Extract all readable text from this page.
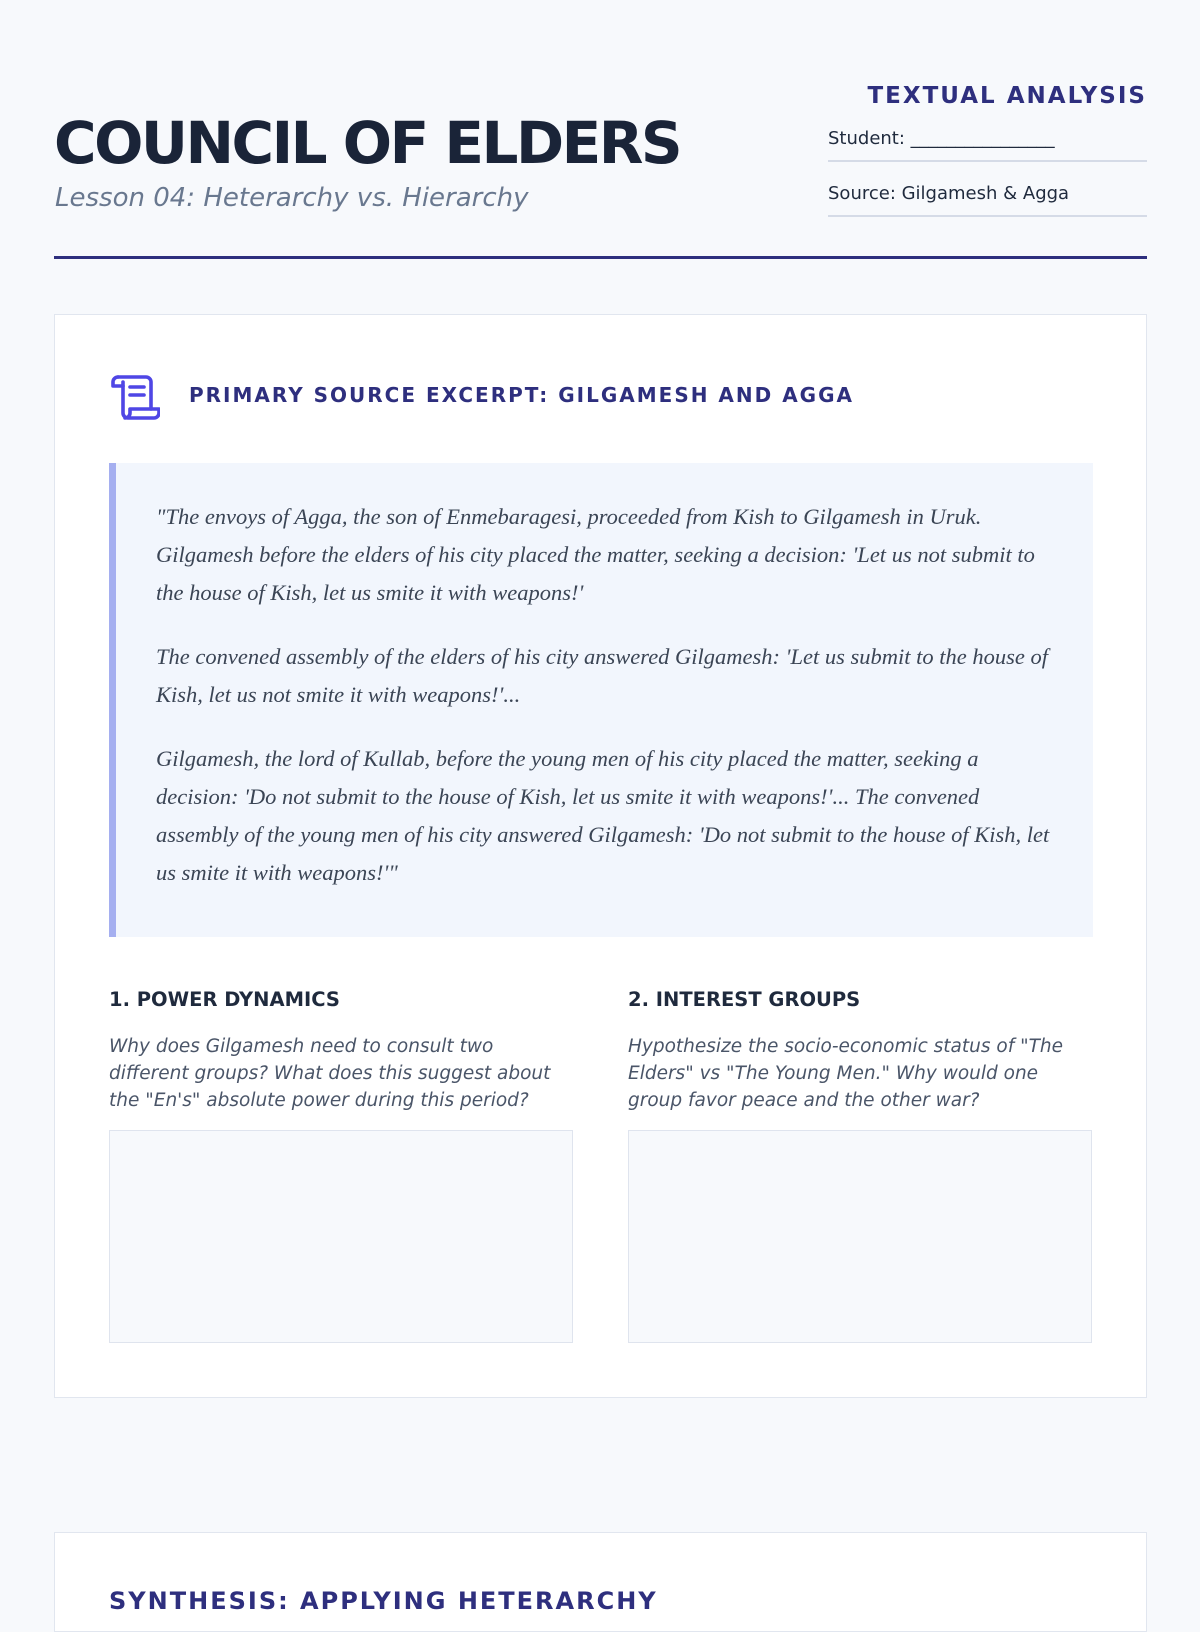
COUNCIL OF ELDERS

Lesson 04: Heterarchy vs. Hierarchy

TEXTUAL ANALYSIS
Student: ________________
Source: Gilgamesh & Agga
PRIMARY SOURCE EXCERPT: GILGAMESH AND AGGA

"The envoys of Agga, the son of Enmebaragesi, proceeded from Kish to Gilgamesh in Uruk. Gilgamesh before the elders of his city placed the matter, seeking a decision: 'Let us not submit to the house of Kish, let us smite it with weapons!'

The convened assembly of the elders of his city answered Gilgamesh: 'Let us submit to the house of Kish, let us not smite it with weapons!'...

Gilgamesh, the lord of Kullab, before the young men of his city placed the matter, seeking a decision: 'Do not submit to the house of Kish, let us smite it with weapons!'... The convened assembly of the young men of his city answered Gilgamesh: 'Do not submit to the house of Kish, let us smite it with weapons!'"

1. POWER DYNAMICS

Why does Gilgamesh need to consult two different groups? What does this suggest about the "En's" absolute power during this period?

2. INTEREST GROUPS

Hypothesize the socio-economic status of "The Elders" vs "The Young Men." Why would one group favor peace and the other war?

SYNTHESIS: APPLYING HETERARCHY
